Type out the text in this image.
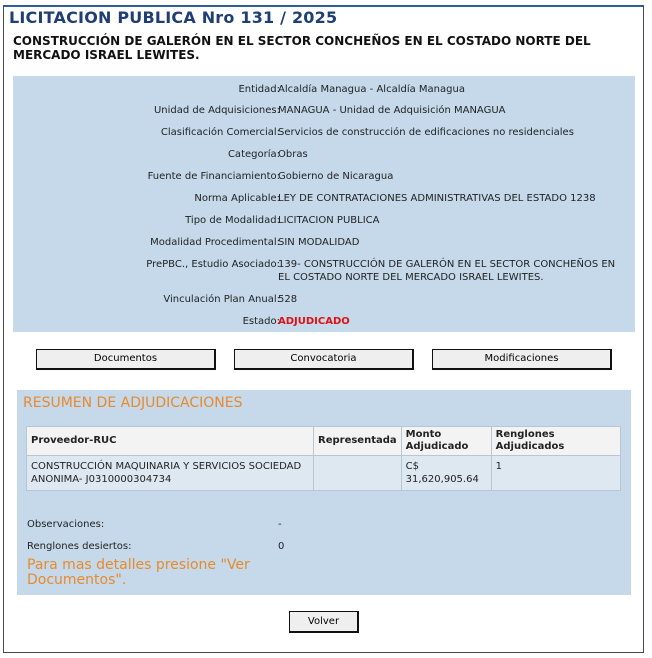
LICITACION PUBLICA Nro 131 / 2025
CONSTRUCCIÓN DE GALERÓN EN EL SECTOR CONCHEÑOS EN EL COSTADO NORTE DEL MERCADO ISRAEL LEWITES.
Entidad:
Alcaldía Managua - Alcaldía Managua
Unidad de Adquisiciones:
MANAGUA - Unidad de Adquisición MANAGUA
Clasificación Comercial:
Servicios de construcción de edificaciones no residenciales
Categoría:
Obras
Fuente de Financiamiento:
Gobierno de Nicaragua
Norma Aplicable:
LEY DE CONTRATACIONES ADMINISTRATIVAS DEL ESTADO 1238
Tipo de Modalidad:
LICITACION PUBLICA
Modalidad Procedimental:
SIN MODALIDAD
PrePBC., Estudio Asociado:
139- CONSTRUCCIÓN DE GALERÓN EN EL SECTOR CONCHEÑOS EN EL COSTADO NORTE DEL MERCADO ISRAEL LEWITES.
Vinculación Plan Anual:
528
Estado:
ADJUDICADO
Documentos	Convocatoria	Modificaciones
RESUMEN DE ADJUDICACIONES
Proveedor-RUC	Representada	Monto Adjudicado	Renglones Adjudicados
CONSTRUCCIÓN MAQUINARIA Y SERVICIOS SOCIEDAD ANONIMA- J0310000304734		C$
31,620,905.64	1
Observaciones:	-
Renglones desiertos:	0
Para mas detalles presione "Ver Documentos".
Volver
